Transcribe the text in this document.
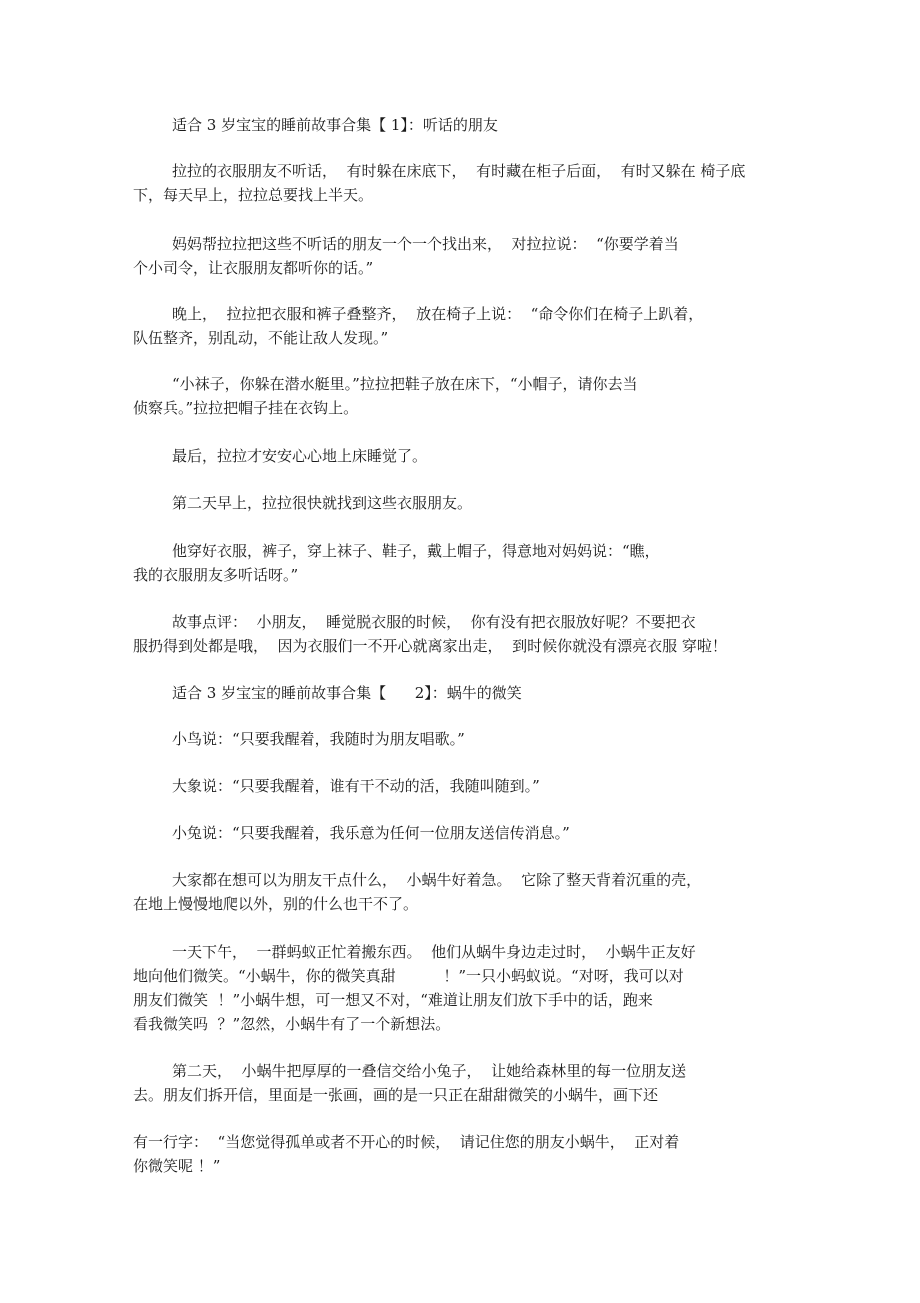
适合 3 岁宝宝的睡前故事合集【 1】：听话的朋友
拉拉的衣服朋友不听话，  有时躲在床底下，  有时藏在柜子后面，  有时又躲在 椅子底
下，每天早上，拉拉总要找上半天。
妈妈帮拉拉把这些不听话的朋友一个一个找出来，  对拉拉说：  “你要学着当
个小司令，让衣服朋友都听你的话。”
晚上，  拉拉把衣服和裤子叠整齐，  放在椅子上说：  “命令你们在椅子上趴着，
队伍整齐，别乱动，不能让敌人发现。”
“小袜子，你躲在潜水艇里。”拉拉把鞋子放在床下，“小帽子，请你去当
侦察兵。”拉拉把帽子挂在衣钩上。
最后，拉拉才安安心心地上床睡觉了。
第二天早上，拉拉很快就找到这些衣服朋友。
他穿好衣服，裤子，穿上袜子、鞋子，戴上帽子，得意地对妈妈说：“瞧，
我的衣服朋友多听话呀。”
故事点评：  小朋友，  睡觉脱衣服的时候，  你有没有把衣服放好呢？不要把衣
服扔得到处都是哦，  因为衣服们一不开心就离家出走，  到时候你就没有漂亮衣服 穿啦！
适合 3 岁宝宝的睡前故事合集【      2】：蜗牛的微笑
小鸟说：“只要我醒着，我随时为朋友唱歌。”
大象说：“只要我醒着，谁有干不动的活，我随叫随到。”
小兔说：“只要我醒着，我乐意为任何一位朋友送信传消息。”
大家都在想可以为朋友干点什么，  小蜗牛好着急。  它除了整天背着沉重的壳，
在地上慢慢地爬以外，别的什么也干不了。
一天下午，  一群蚂蚁正忙着搬东西。  他们从蜗牛身边走过时，  小蜗牛正友好
地向他们微笑。“小蜗牛，你的微笑真甜          ！”一只小蚂蚁说。“对呀，我可以对
朋友们微笑  ！”小蜗牛想，可一想又不对，“难道让朋友们放下手中的话，跑来
看我微笑吗  ？”忽然，小蜗牛有了一个新想法。
第二天，  小蜗牛把厚厚的一叠信交给小兔子，  让她给森林里的每一位朋友送
去。朋友们拆开信，里面是一张画，画的是一只正在甜甜微笑的小蜗牛，画下还
有一行字：  “当您觉得孤单或者不开心的时候，  请记住您的朋友小蜗牛，  正对着
你微笑呢 ！”
